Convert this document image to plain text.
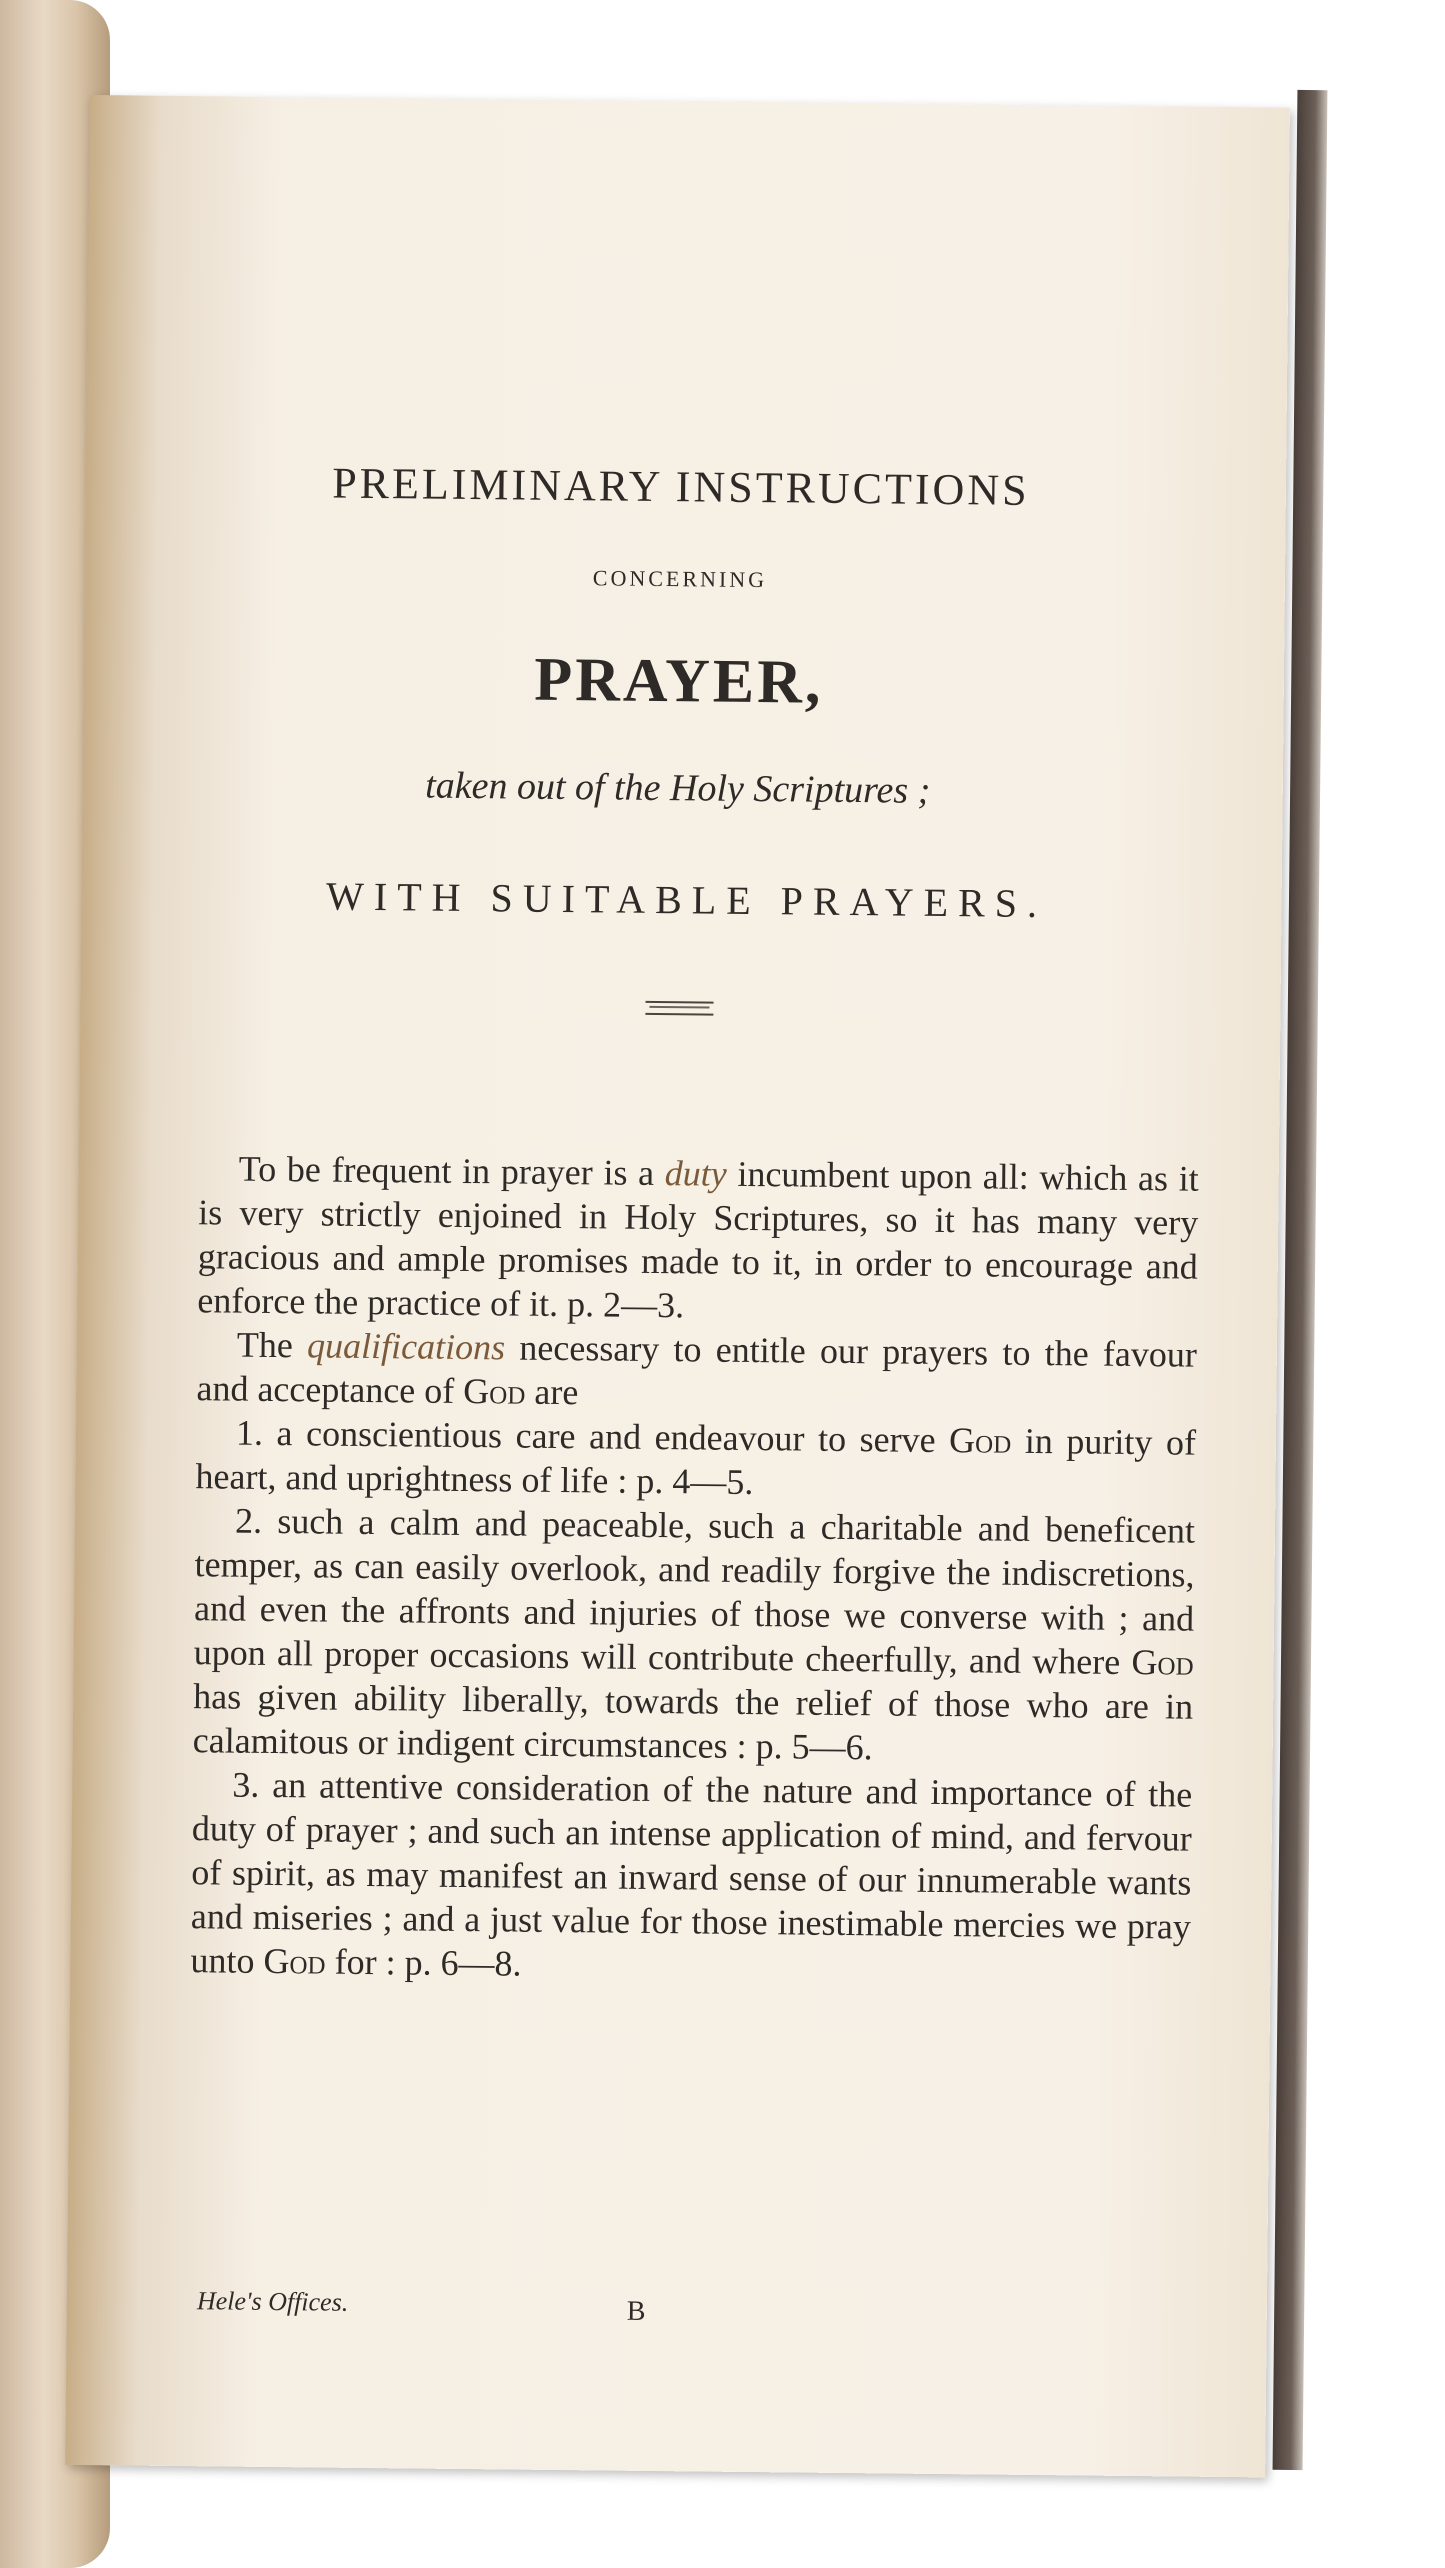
PRELIMINARY INSTRUCTIONS
CONCERNING
PRAYER,
taken out of the Holy Scriptures ;
WITH SUITABLE PRAYERS.

To be frequent in prayer is a duty incumbent upon all: which as it is very strictly enjoined in Holy Scriptures, so it has many very gracious and ample promises made to it, in order to encourage and enforce the practice of it. p. 2—3.

The qualifications necessary to entitle our prayers to the favour and acceptance of God are

1. a conscientious care and endeavour to serve God in purity of heart, and uprightness of life : p. 4—5.

2. such a calm and peaceable, such a charitable and beneficent temper, as can easily overlook, and readily forgive the indiscretions, and even the affronts and injuries of those we converse with ; and upon all proper occasions will contribute cheerfully, and where God has given ability liberally, towards the relief of those who are in calamitous or indigent circumstances : p. 5—6.

3. an attentive consideration of the nature and importance of the duty of prayer ; and such an intense application of mind, and fervour of spirit, as may manifest an inward sense of our innumerable wants and miseries ; and a just value for those inestimable mercies we pray unto God for : p. 6—8.

Hele's Offices.	B
